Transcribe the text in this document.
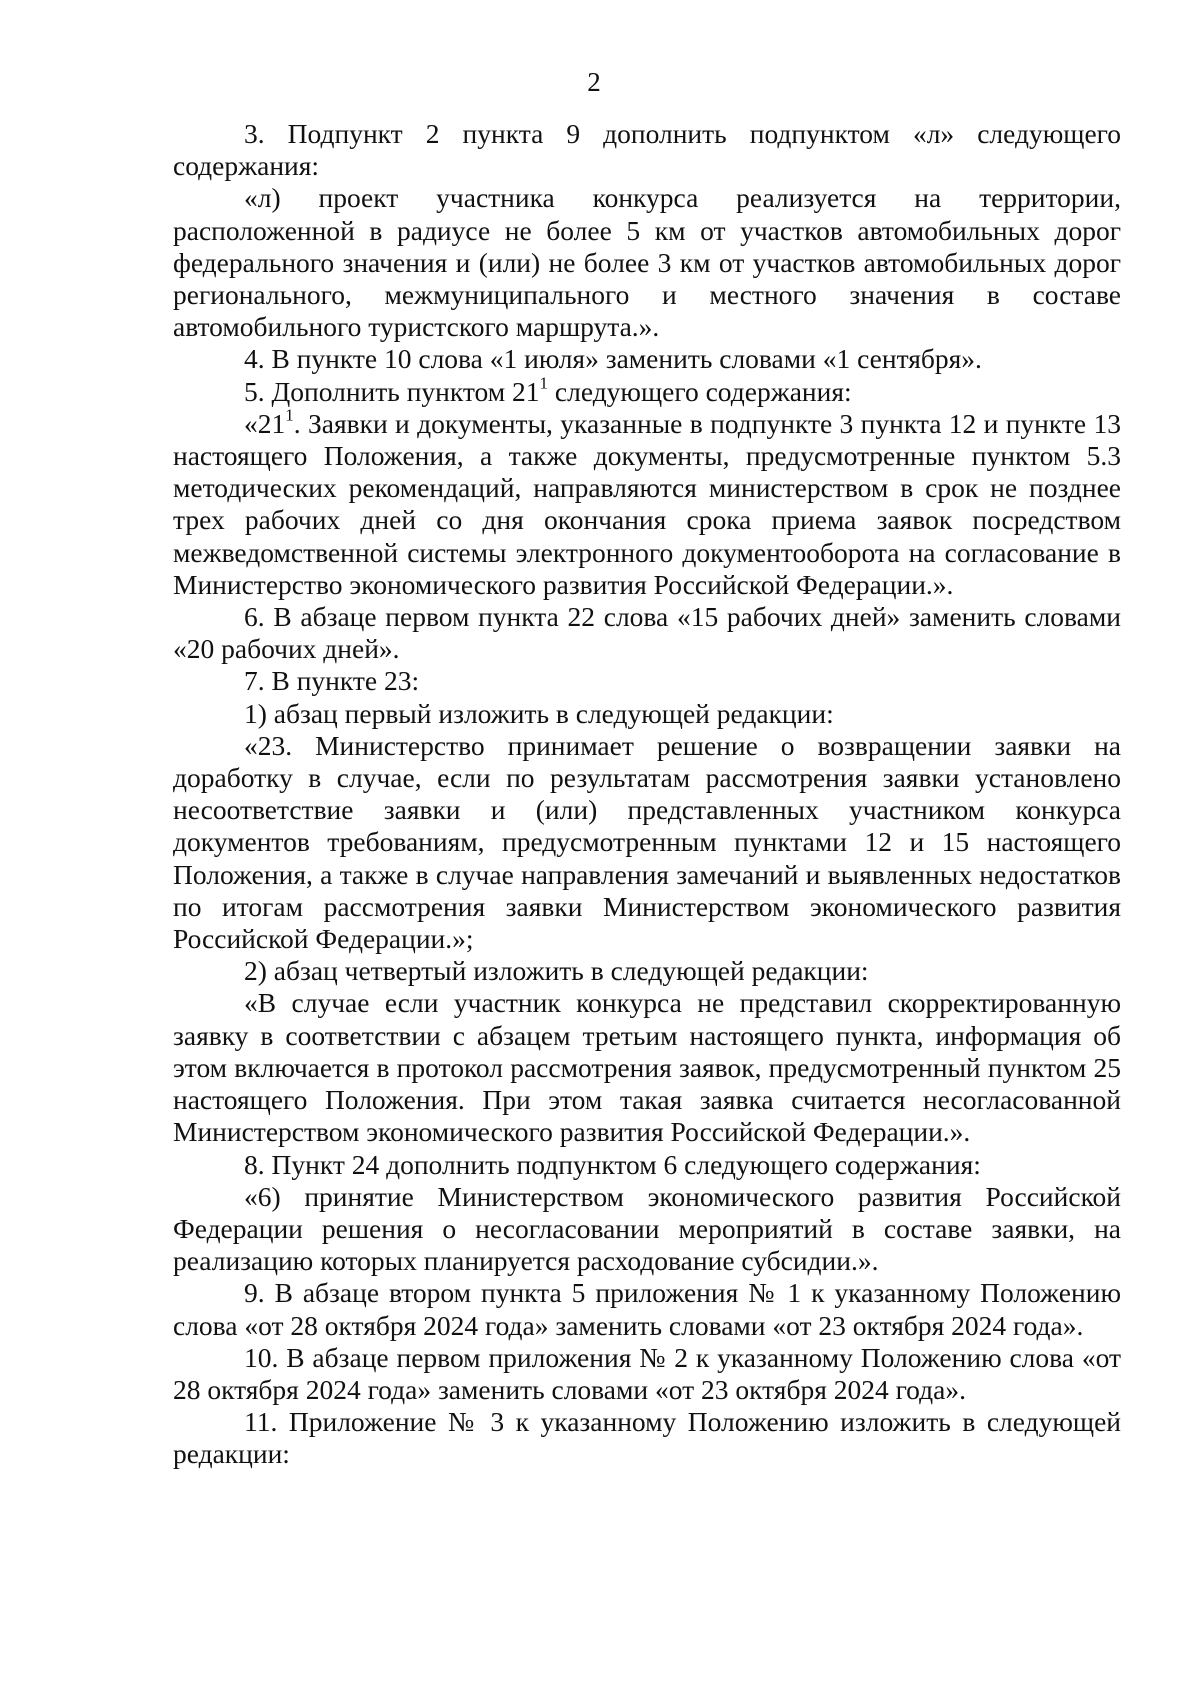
2

3. Подпункт 2 пункта 9 дополнить подпунктом «л» следующего содержания:

«л) проект участника конкурса реализуется на территории, расположенной в радиусе не более 5 км от участков автомобильных дорог федерального значения и (или) не более 3 км от участков автомобильных дорог регионального, межмуниципального и местного значения в составе автомобильного туристского маршрута.».

4. В пункте 10 слова «1 июля» заменить словами «1 сентября».

5. Дополнить пунктом $21^1$ следующего содержания:

«$21^1$. Заявки и документы, указанные в подпункте 3 пункта 12 и пункте 13 настоящего Положения, а также документы, предусмотренные пунктом 5.3 методических рекомендаций, направляются министерством в срок не позднее трех рабочих дней со дня окончания срока приема заявок посредством межведомственной системы электронного документооборота на согласование в Министерство экономического развития Российской Федерации.».

6. В абзаце первом пункта 22 слова «15 рабочих дней» заменить словами «20 рабочих дней».

7. В пункте 23:

1) абзац первый изложить в следующей редакции:

«23. Министерство принимает решение о возвращении заявки на доработку в случае, если по результатам рассмотрения заявки установлено несоответствие заявки и (или) представленных участником конкурса документов требованиям, предусмотренным пунктами 12 и 15 настоящего Положения, а также в случае направления замечаний и выявленных недостатков по итогам рассмотрения заявки Министерством экономического развития Российской Федерации.»;

2) абзац четвертый изложить в следующей редакции:

«В случае если участник конкурса не представил скорректированную заявку в соответствии с абзацем третьим настоящего пункта, информация об этом включается в протокол рассмотрения заявок, предусмотренный пунктом 25 настоящего Положения. При этом такая заявка считается несогласованной Министерством экономического развития Российской Федерации.».

8. Пункт 24 дополнить подпунктом 6 следующего содержания:

«6) принятие Министерством экономического развития Российской Федерации решения о несогласовании мероприятий в составе заявки, на реализацию которых планируется расходование субсидии.».

9. В абзаце втором пункта 5 приложения № 1 к указанному Положению слова «от 28 октября 2024 года» заменить словами «от 23 октября 2024 года».

10. В абзаце первом приложения № 2 к указанному Положению слова «от 28 октября 2024 года» заменить словами «от 23 октября 2024 года».

11. Приложение № 3 к указанному Положению изложить в следующей редакции:
